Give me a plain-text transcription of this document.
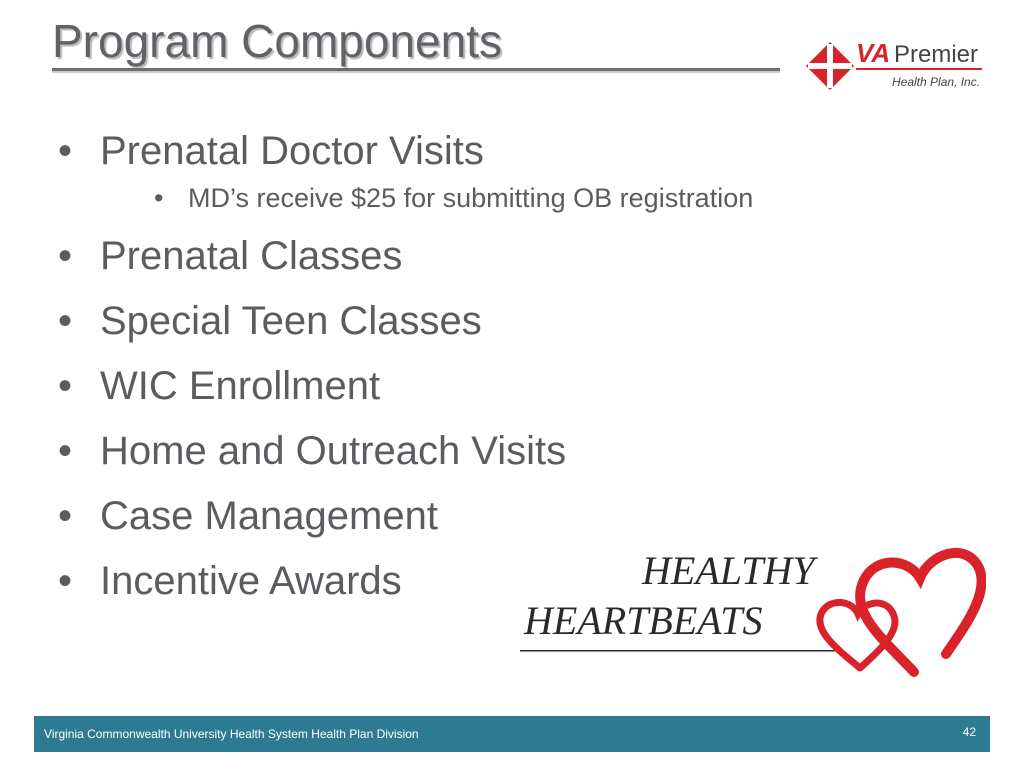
Program Components	VA Premier
Health Plan, Inc.
• Prenatal Doctor Visits
• MD’s receive $25 for submitting OB registration
• Prenatal Classes
• Special Teen Classes
• WIC Enrollment
• Home and Outreach Visits
• Case Management
• Incentive Awards	HEALTHY
HEARTBEATS
Virginia Commonwealth University Health System Health Plan Division	42
